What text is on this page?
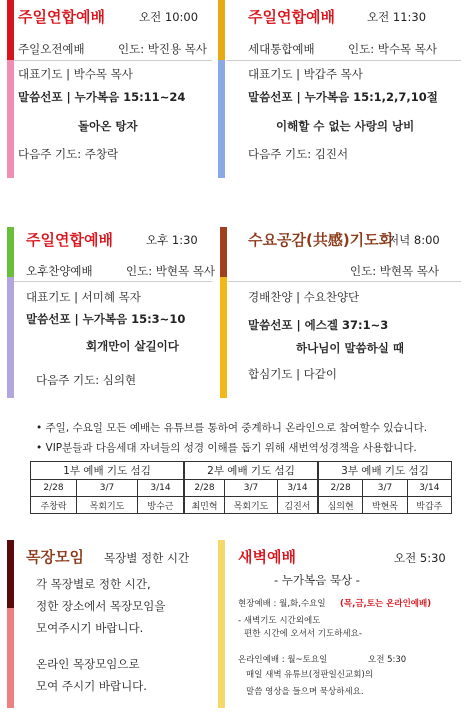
주일연합예배	오전 10:00
주일오전예배	인도: 박진용 목사
대표기도 | 박수목 목사
말씀선포 | 누가복음 15:11~24
돌아온 탕자
다음주 기도: 주창락
주일연합예배	오전 11:30
세대통합예배	인도: 박수목 목사
대표기도 | 박갑주 목사
말씀선포 | 누가복음 15:1,2,7,10절
이해할 수 없는 사랑의 낭비
다음주 기도: 김진서
주일연합예배	오후 1:30
오후찬양예배	인도: 박현목 목사
대표기도 | 서미혜 목자
말씀선포 | 누가복음 15:3~10
회개만이 살길이다
다음주 기도: 심의현
수요공감(共感)기도회
저녁 8:00
인도: 박현목 목사
경배찬양 | 수요찬양단
말씀선포 | 에스겔 37:1~3
하나님이 말씀하실 때
합심기도 | 다같이
• 주일, 수요일 모든 예배는 유튜브를 통하여 중계하니 온라인으로 참여할수 있습니다.
• VIP분들과 다음세대 자녀들의 성경 이해를 돕기 위해 새번역성경책을 사용합니다.
1부 예배 기도 섬김		
2/28	3/7	3/14
주창락	목회기도	방수근
2부 예배 기도 섬김		
2/28	3/7	3/14
최민혁	목회기도	김진서
3부 예배 기도 섬김		
2/28	3/7	3/14
심의현	박현목	박갑주
목장모임 목장별 정한 시간
각 목장별로 정한 시간,
정한 장소에서 목장모임을
모여주시기 바랍니다.
온라인 목장모임으로
모여 주시기 바랍니다.
새벽예배	오전 5:30
- 누가복음 묵상 -
현장예배 : 월,화,수요일 (목,금,토는 온라인예배)
- 새벽기도 시간외에도
편한 시간에 오셔서 기도하세요-
온라인예배 : 월~토요일	오전 5:30
매일 새벽 유튜브(정판일신교회)의
말씀 영상을 들으며 묵상하세요.
